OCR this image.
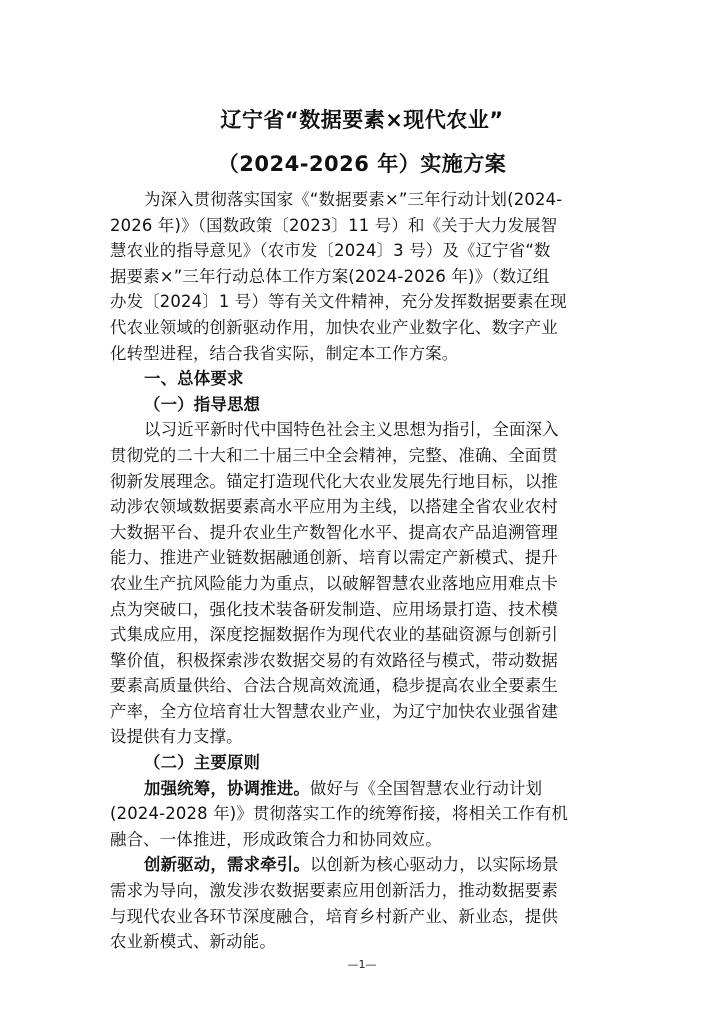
辽宁省“数据要素×现代农业”
（2024-2026 年）实施方案
为深入贯彻落实国家《“数据要素×”三年行动计划(2024-
2026 年)》（国数政策〔2023〕11 号）和《关于大力发展智
慧农业的指导意见》（农市发〔2024〕3 号）及《辽宁省“数
据要素×”三年行动总体工作方案(2024-2026 年)》（数辽组
办发〔2024〕1 号）等有关文件精神，充分发挥数据要素在现
代农业领域的创新驱动作用，加快农业产业数字化、数字产业
化转型进程，结合我省实际，制定本工作方案。
一、总体要求
（一）指导思想
以习近平新时代中国特色社会主义思想为指引，全面深入
贯彻党的二十大和二十届三中全会精神，完整、准确、全面贯
彻新发展理念。锚定打造现代化大农业发展先行地目标，以推
动涉农领域数据要素高水平应用为主线，以搭建全省农业农村
大数据平台、提升农业生产数智化水平、提高农产品追溯管理
能力、推进产业链数据融通创新、培育以需定产新模式、提升
农业生产抗风险能力为重点，以破解智慧农业落地应用难点卡
点为突破口，强化技术装备研发制造、应用场景打造、技术模
式集成应用，深度挖掘数据作为现代农业的基础资源与创新引
擎价值，积极探索涉农数据交易的有效路径与模式，带动数据
要素高质量供给、合法合规高效流通，稳步提高农业全要素生
产率，全方位培育壮大智慧农业产业，为辽宁加快农业强省建
设提供有力支撑。
（二）主要原则
加强统筹，协调推进。做好与《全国智慧农业行动计划
(2024-2028 年)》贯彻落实工作的统筹衔接，将相关工作有机
融合、一体推进，形成政策合力和协同效应。
创新驱动，需求牵引。以创新为核心驱动力，以实际场景
需求为导向，激发涉农数据要素应用创新活力，推动数据要素
与现代农业各环节深度融合，培育乡村新产业、新业态，提供
农业新模式、新动能。
—1—
